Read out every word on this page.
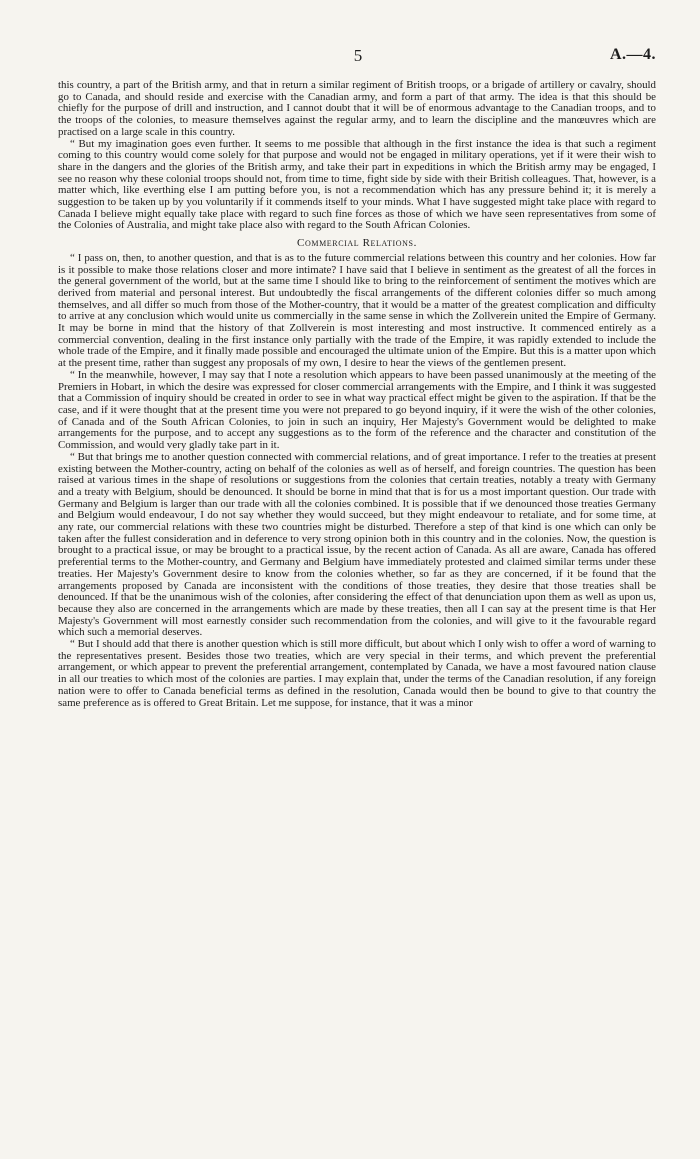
5	A.—4.

this country, a part of the British army, and that in return a similar regiment of British troops, or a brigade of artillery or cavalry, should go to Canada, and should reside and exercise with the Canadian army, and form a part of that army. The idea is that this should be chiefly for the purpose of drill and instruction, and I cannot doubt that it will be of enormous advantage to the Canadian troops, and to the troops of the colonies, to measure themselves against the regular army, and to learn the discipline and the manœuvres which are practised on a large scale in this country.

“ But my imagination goes even further. It seems to me possible that although in the first instance the idea is that such a regiment coming to this country would come solely for that purpose and would not be engaged in military operations, yet if it were their wish to share in the dangers and the glories of the British army, and take their part in expeditions in which the British army may be engaged, I see no reason why these colonial troops should not, from time to time, fight side by side with their British colleagues. That, however, is a matter which, like everthing else I am putting before you, is not a recommendation which has any pressure behind it; it is merely a suggestion to be taken up by you voluntarily if it commends itself to your minds. What I have suggested might take place with regard to Canada I believe might equally take place with regard to such fine forces as those of which we have seen representatives from some of the Colonies of Australia, and might take place also with regard to the South African Colonies.

Commercial Relations.

“ I pass on, then, to another question, and that is as to the future commercial relations between this country and her colonies. How far is it possible to make those relations closer and more intimate? I have said that I believe in sentiment as the greatest of all the forces in the general government of the world, but at the same time I should like to bring to the reinforcement of sentiment the motives which are derived from material and personal interest. But undoubtedly the fiscal arrangements of the different colonies differ so much among themselves, and all differ so much from those of the Mother-country, that it would be a matter of the greatest complication and difficulty to arrive at any conclusion which would unite us commercially in the same sense in which the Zollverein united the Empire of Germany. It may be borne in mind that the history of that Zollverein is most interesting and most instructive. It commenced entirely as a commercial convention, dealing in the first instance only partially with the trade of the Empire, it was rapidly extended to include the whole trade of the Empire, and it finally made possible and encouraged the ultimate union of the Empire. But this is a matter upon which at the present time, rather than suggest any proposals of my own, I desire to hear the views of the gentlemen present.

“ In the meanwhile, however, I may say that I note a resolution which appears to have been passed unanimously at the meeting of the Premiers in Hobart, in which the desire was expressed for closer commercial arrangements with the Empire, and I think it was suggested that a Commission of inquiry should be created in order to see in what way practical effect might be given to the aspiration. If that be the case, and if it were thought that at the present time you were not prepared to go beyond inquiry, if it were the wish of the other colonies, of Canada and of the South African Colonies, to join in such an inquiry, Her Majesty's Government would be delighted to make arrangements for the purpose, and to accept any suggestions as to the form of the reference and the character and constitution of the Commission, and would very gladly take part in it.

“ But that brings me to another question connected with commercial relations, and of great importance. I refer to the treaties at present existing between the Mother-country, acting on behalf of the colonies as well as of herself, and foreign countries. The question has been raised at various times in the shape of resolutions or suggestions from the colonies that certain treaties, notably a treaty with Germany and a treaty with Belgium, should be denounced. It should be borne in mind that that is for us a most important question. Our trade with Germany and Belgium is larger than our trade with all the colonies combined. It is possible that if we denounced those treaties Germany and Belgium would endeavour, I do not say whether they would succeed, but they might endeavour to retaliate, and for some time, at any rate, our commercial relations with these two countries might be disturbed. Therefore a step of that kind is one which can only be taken after the fullest consideration and in deference to very strong opinion both in this country and in the colonies. Now, the question is brought to a practical issue, or may be brought to a practical issue, by the recent action of Canada. As all are aware, Canada has offered preferential terms to the Mother-country, and Germany and Belgium have immediately protested and claimed similar terms under these treaties. Her Majesty's Government desire to know from the colonies whether, so far as they are concerned, if it be found that the arrangements proposed by Canada are inconsistent with the conditions of those treaties, they desire that those treaties shall be denounced. If that be the unanimous wish of the colonies, after considering the effect of that denunciation upon them as well as upon us, because they also are concerned in the arrangements which are made by these treaties, then all I can say at the present time is that Her Majesty's Government will most earnestly consider such recommendation from the colonies, and will give to it the favourable regard which such a memorial deserves.

“ But I should add that there is another question which is still more difficult, but about which I only wish to offer a word of warning to the representatives present. Besides those two treaties, which are very special in their terms, and which prevent the preferential arrangement, or which appear to prevent the preferential arrangement, contemplated by Canada, we have a most favoured nation clause in all our treaties to which most of the colonies are parties. I may explain that, under the terms of the Canadian resolution, if any foreign nation were to offer to Canada beneficial terms as defined in the resolution, Canada would then be bound to give to that country the same preference as is offered to Great Britain. Let me suppose, for instance, that it was a minor
